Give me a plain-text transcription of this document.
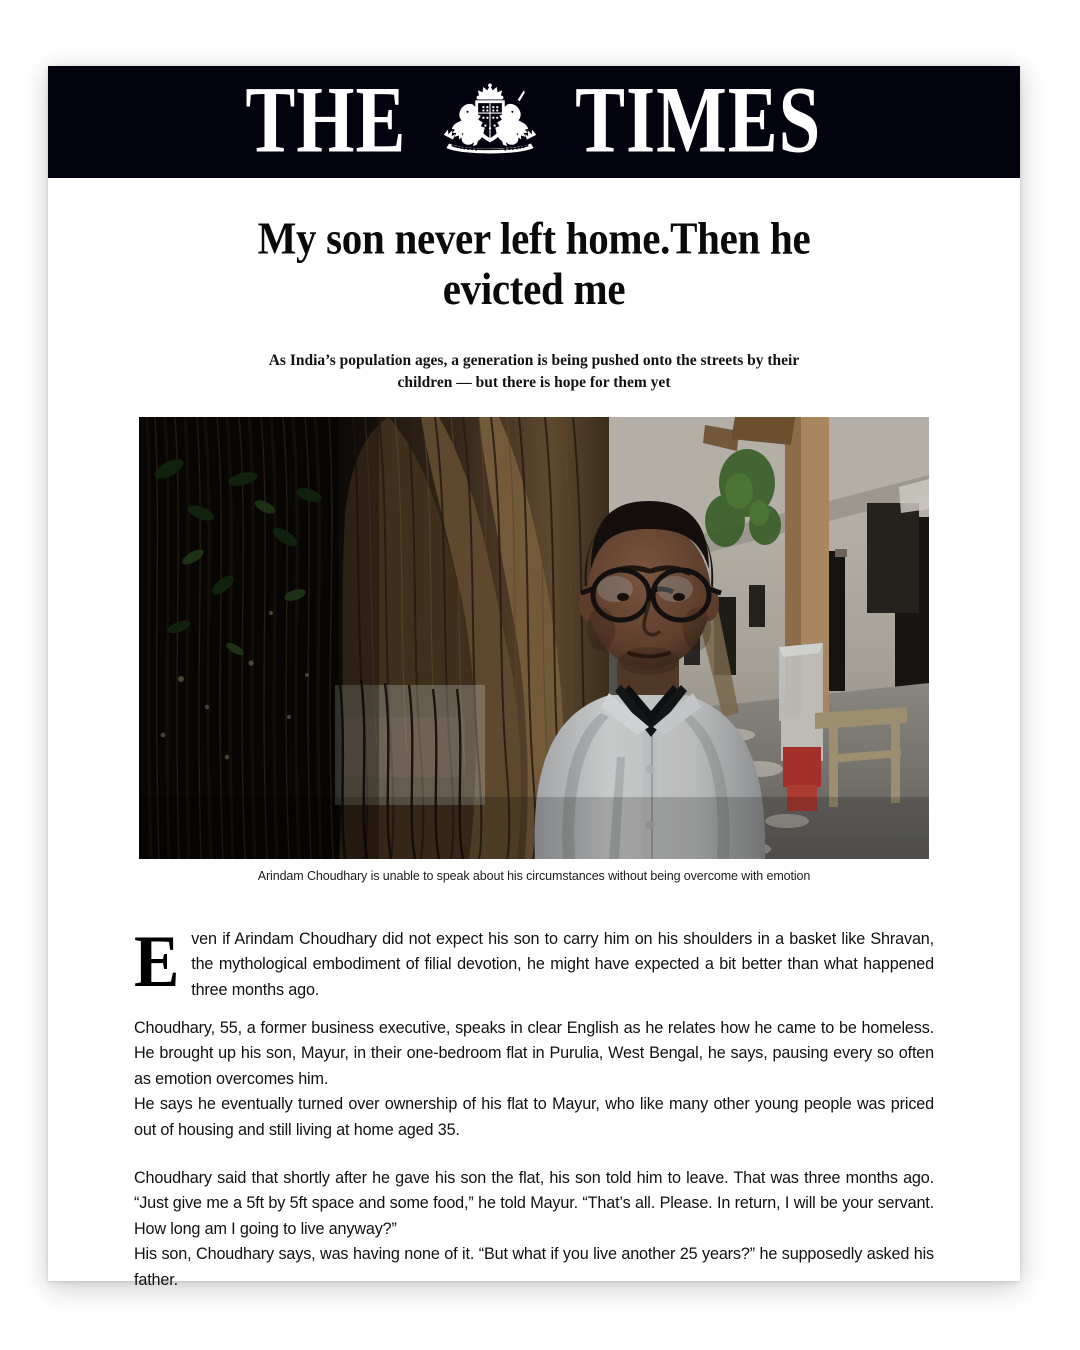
THE TIMES
My son never left home.Then he evicted me
As India’s population ages, a generation is being pushed onto the streets by their children — but there is hope for them yet
Arindam Choudhary is unable to speak about his circumstances without being overcome with emotion

Even if Arindam Choudhary did not expect his son to carry him on his shoulders in a basket like Shravan, the mythological embodiment of filial devotion, he might have expected a bit better than what happened three months ago.

Choudhary, 55, a former business executive, speaks in clear English as he relates how he came to be homeless. He brought up his son, Mayur, in their one-bedroom flat in Purulia, West Bengal, he says, pausing every so often as emotion overcomes him.

He says he eventually turned over ownership of his flat to Mayur, who like many other young people was priced out of housing and still living at home aged 35.

Choudhary said that shortly after he gave his son the flat, his son told him to leave. That was three months ago. “Just give me a 5ft by 5ft space and some food,” he told Mayur. “That’s all. Please. In return, I will be your servant. How long am I going to live anyway?”

His son, Choudhary says, was having none of it. “But what if you live another 25 years?” he supposedly asked his father.
